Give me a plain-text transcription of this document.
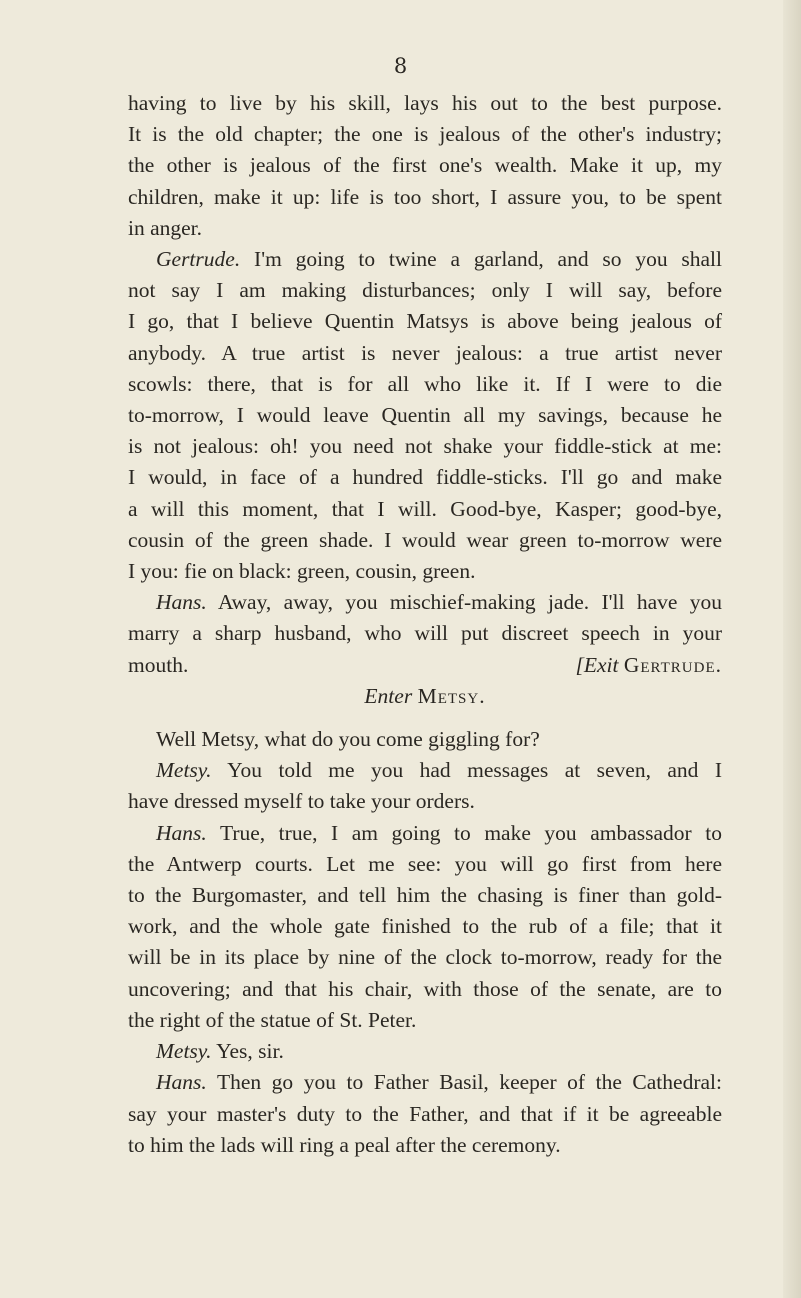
8
having to live by his skill, lays his out to the best purpose.
It is the old chapter; the one is jealous of the other's industry;
the other is jealous of the first one's wealth. Make it up, my
children, make it up: life is too short, I assure you, to be spent
in anger.
Gertrude. I'm going to twine a garland, and so you shall
not say I am making disturbances; only I will say, before
I go, that I believe Quentin Matsys is above being jealous of
anybody. A true artist is never jealous: a true artist never
scowls: there, that is for all who like it. If I were to die
to-morrow, I would leave Quentin all my savings, because he
is not jealous: oh! you need not shake your fiddle-stick at me:
I would, in face of a hundred fiddle-sticks. I'll go and make
a will this moment, that I will. Good-bye, Kasper; good-bye,
cousin of the green shade. I would wear green to-morrow were
I you: fie on black: green, cousin, green.
Hans. Away, away, you mischief-making jade. I'll have you
marry a sharp husband, who will put discreet speech in your
mouth.	[Exit Gertrude.
Enter Metsy.
Well Metsy, what do you come giggling for?
Metsy. You told me you had messages at seven, and I
have dressed myself to take your orders.
Hans. True, true, I am going to make you ambassador to
the Antwerp courts. Let me see: you will go first from here
to the Burgomaster, and tell him the chasing is finer than gold-
work, and the whole gate finished to the rub of a file; that it
will be in its place by nine of the clock to-morrow, ready for the
uncovering; and that his chair, with those of the senate, are to
the right of the statue of St. Peter.
Metsy. Yes, sir.
Hans. Then go you to Father Basil, keeper of the Cathedral:
say your master's duty to the Father, and that if it be agreeable
to him the lads will ring a peal after the ceremony.
